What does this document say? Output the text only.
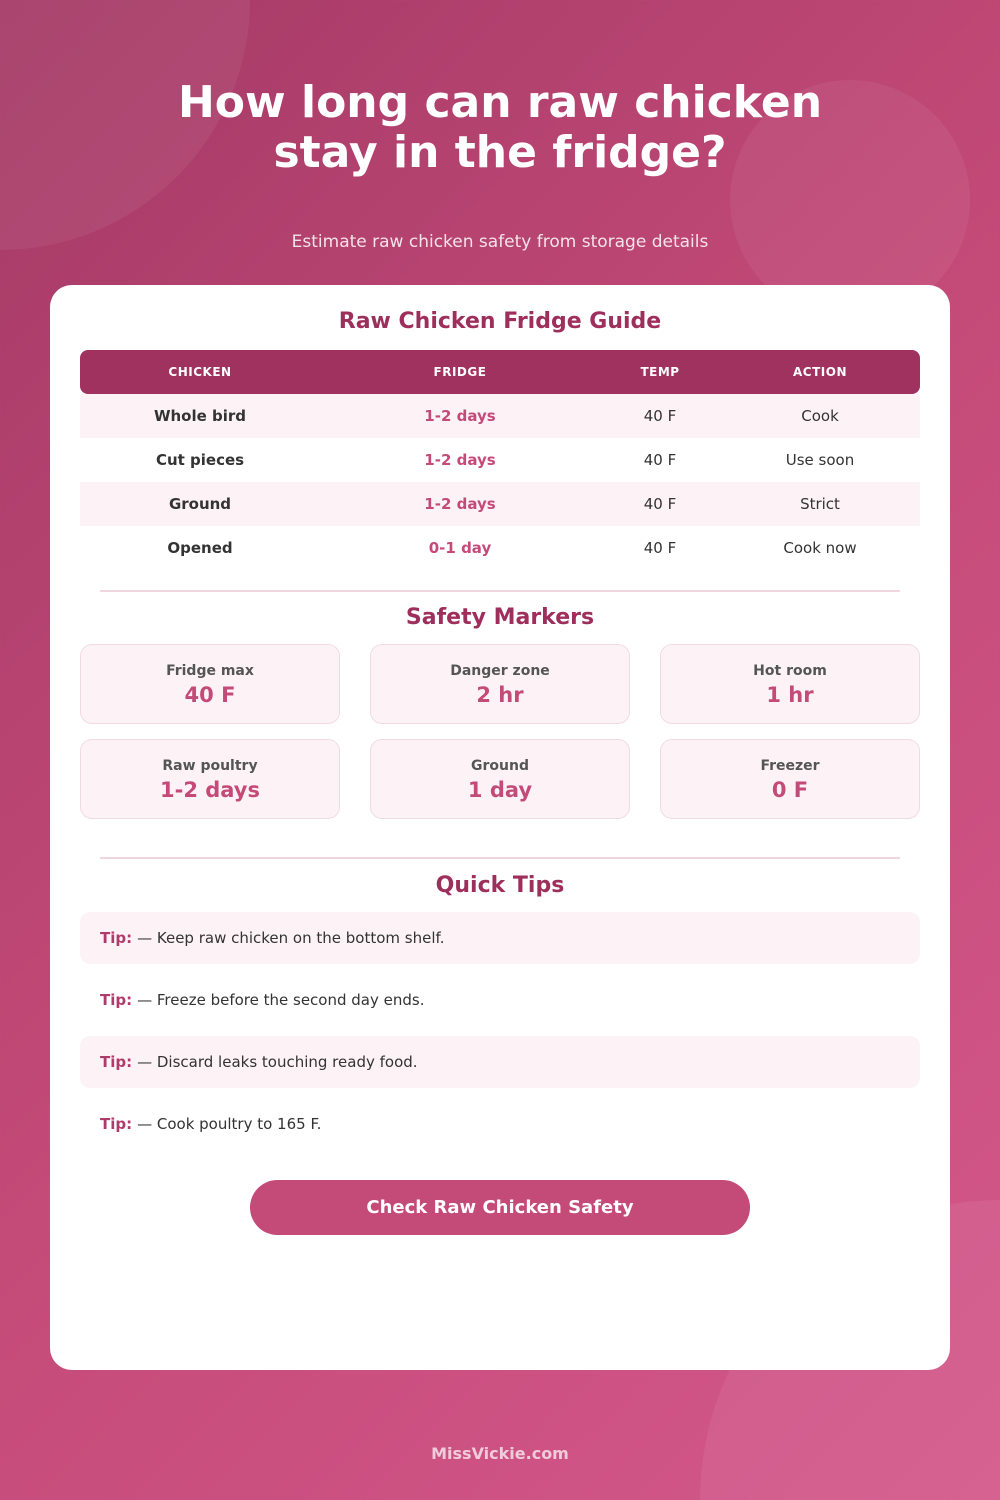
How long can raw chicken
stay in the fridge?

Estimate raw chicken safety from storage details

Raw Chicken Fridge Guide
CHICKEN	FRIDGE	TEMP	ACTION
Whole bird	1-2 days	40 F	Cook
Cut pieces	1-2 days	40 F	Use soon
Ground	1-2 days	40 F	Strict
Opened	0-1 day	40 F	Cook now
Safety Markers
Fridge max
40 F
Danger zone
2 hr
Hot room
1 hr
Raw poultry
1-2 days
Ground
1 day
Freezer
0 F
Quick Tips
Tip: — Keep raw chicken on the bottom shelf.
Tip: — Freeze before the second day ends.
Tip: — Discard leaks touching ready food.
Tip: — Cook poultry to 165 F.
Check Raw Chicken Safety
MissVickie.com
